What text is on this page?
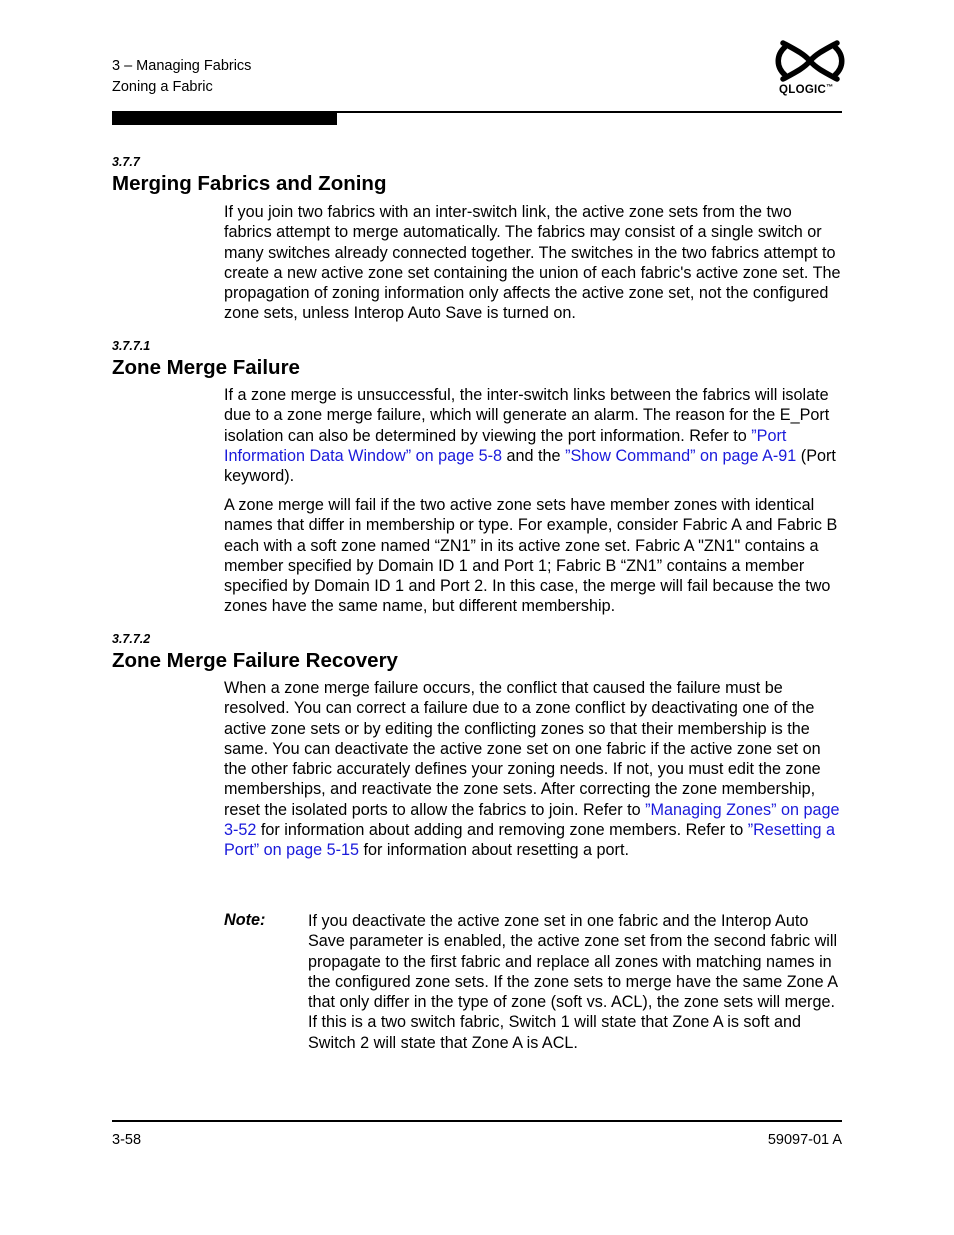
3 – Managing Fabrics
Zoning a Fabric	QLOGIC™
3.7.7
Merging Fabrics and Zoning
If you join two fabrics with an inter-switch link, the active zone sets from the two fabrics attempt to merge automatically. The fabrics may consist of a single switch or many switches already connected together. The switches in the two fabrics attempt to create a new active zone set containing the union of each fabric's active zone set. The propagation of zoning information only affects the active zone set, not the configured zone sets, unless Interop Auto Save is turned on.
3.7.7.1
Zone Merge Failure
If a zone merge is unsuccessful, the inter-switch links between the fabrics will isolate due to a zone merge failure, which will generate an alarm. The reason for the E_Port isolation can also be determined by viewing the port information. Refer to ”Port Information Data Window” on page 5-8 and the ”Show Command” on page A-91 (Port keyword).
A zone merge will fail if the two active zone sets have member zones with identical names that differ in membership or type. For example, consider Fabric A and Fabric B each with a soft zone named “ZN1” in its active zone set. Fabric A "ZN1" contains a member specified by Domain ID 1 and Port 1; Fabric B “ZN1” contains a member specified by Domain ID 1 and Port 2. In this case, the merge will fail because the two zones have the same name, but different membership.
3.7.7.2
Zone Merge Failure Recovery
When a zone merge failure occurs, the conflict that caused the failure must be resolved. You can correct a failure due to a zone conflict by deactivating one of the active zone sets or by editing the conflicting zones so that their membership is the same. You can deactivate the active zone set on one fabric if the active zone set on the other fabric accurately defines your zoning needs. If not, you must edit the zone memberships, and reactivate the zone sets. After correcting the zone membership, reset the isolated ports to allow the fabrics to join. Refer to ”Managing Zones” on page 3-52 for information about adding and removing zone members. Refer to ”Resetting a Port” on page 5-15 for information about resetting a port.
Note:	If you deactivate the active zone set in one fabric and the Interop Auto Save parameter is enabled, the active zone set from the second fabric will propagate to the first fabric and replace all zones with matching names in the configured zone sets. If the zone sets to merge have the same Zone A that only differ in the type of zone (soft vs. ACL), the zone sets will merge. If this is a two switch fabric, Switch 1 will state that Zone A is soft and Switch 2 will state that Zone A is ACL.
3-58	59097-01 A
